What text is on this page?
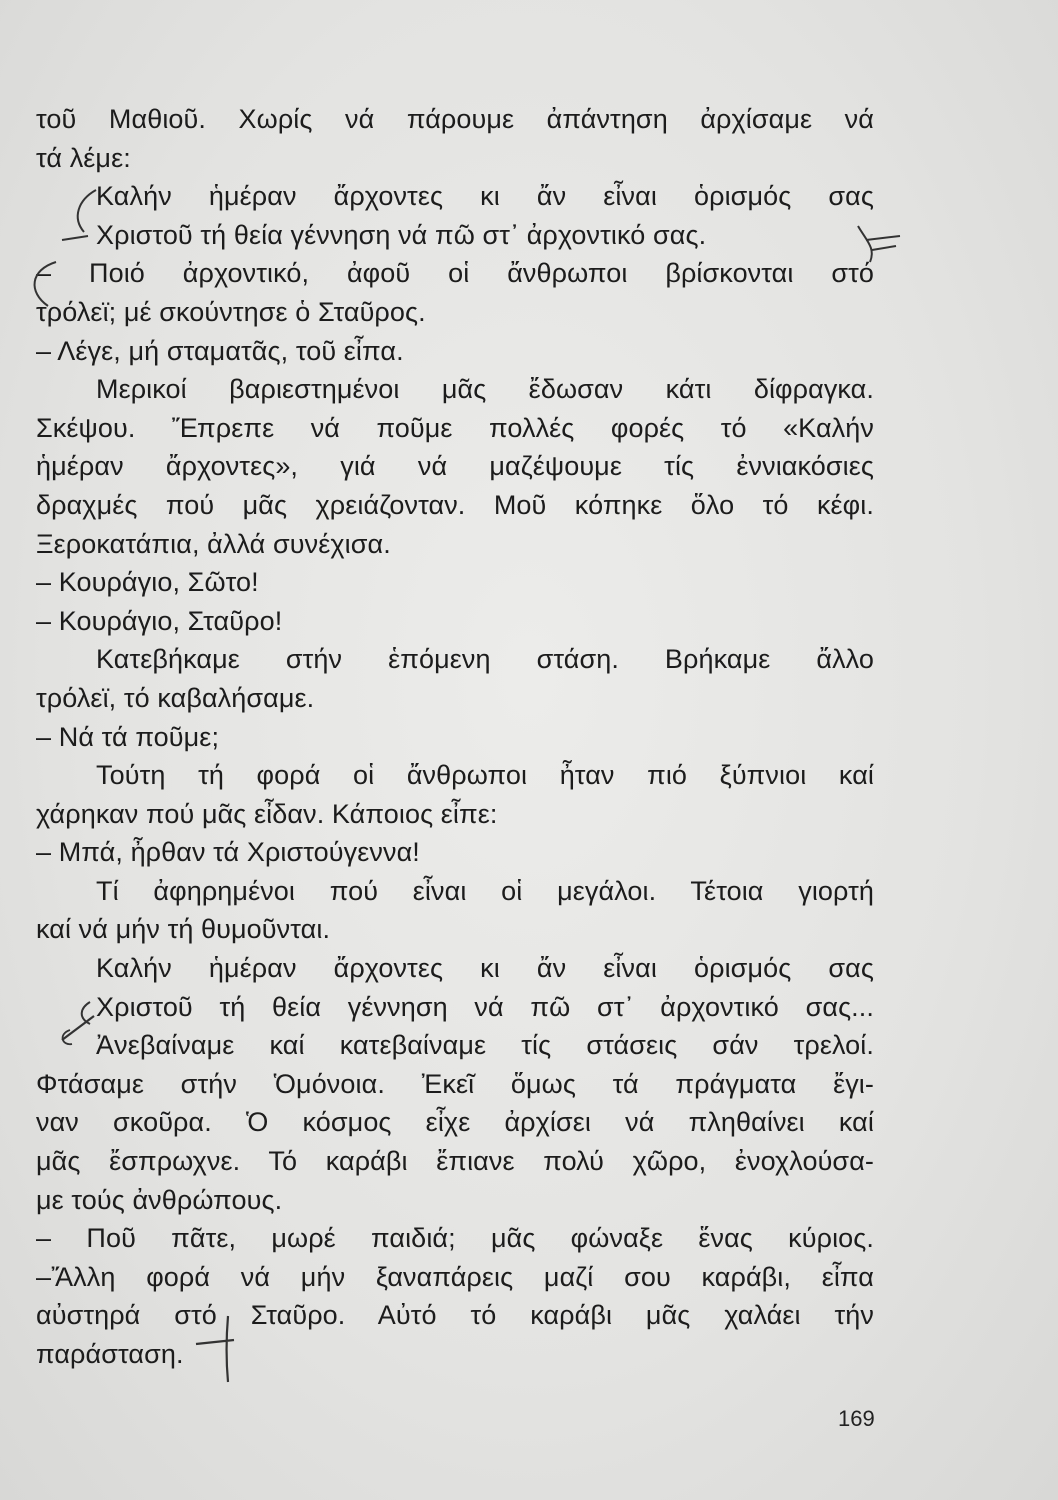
τοῦ Μαθιοῦ. Χωρίς νά πάρουμε ἀπάντηση ἀρχίσαμε νά
τά λέμε:
Καλήν ἡμέραν ἄρχοντες κι ἄν εἶναι ὁρισμός σας
Χριστοῦ τή θεία γέννηση νά πῶ στ᾽ ἀρχοντικό σας.
– Ποιό ἀρχοντικό, ἀφοῦ οἱ ἄνθρωποι βρίσκονται στό
τρόλεϊ; μέ σκούντησε ὁ Σταῦρος.
– Λέγε, μή σταματᾶς, τοῦ εἶπα.
Μερικοί βαριεστημένοι μᾶς ἔδωσαν κάτι δίφραγκα.
Σκέψου. Ἔπρεπε νά ποῦμε πολλές φορές τό «Καλήν
ἡμέραν ἄρχοντες», γιά νά μαζέψουμε τίς ἐννιακόσιες
δραχμές πού μᾶς χρειάζονταν. Μοῦ κόπηκε ὅλο τό κέφι.
Ξεροκατάπια, ἀλλά συνέχισα.
– Κουράγιο, Σῶτο!
– Κουράγιο, Σταῦρο!
Κατεβήκαμε στήν ἑπόμενη στάση. Βρήκαμε ἄλλο
τρόλεϊ, τό καβαλήσαμε.
– Νά τά ποῦμε;
Τούτη τή φορά οἱ ἄνθρωποι ἦταν πιό ξύπνιοι καί
χάρηκαν πού μᾶς εἶδαν. Κάποιος εἶπε:
– Μπά, ἦρθαν τά Χριστούγεννα!
Τί ἀφηρημένοι πού εἶναι οἱ μεγάλοι. Τέτοια γιορτή
καί νά μήν τή θυμοῦνται.
Καλήν ἡμέραν ἄρχοντες κι ἄν εἶναι ὁρισμός σας
Χριστοῦ τή θεία γέννηση νά πῶ στ᾽ ἀρχοντικό σας...
Ἀνεβαίναμε καί κατεβαίναμε τίς στάσεις σάν τρελοί.
Φτάσαμε στήν Ὁμόνοια. Ἐκεῖ ὅμως τά πράγματα ἔγι-
ναν σκοῦρα. Ὁ κόσμος εἶχε ἀρχίσει νά πληθαίνει καί
μᾶς ἔσπρωχνε. Τό καράβι ἔπιανε πολύ χῶρο, ἐνοχλούσα-
με τούς ἀνθρώπους.
– Ποῦ πᾶτε, μωρέ παιδιά; μᾶς φώναξε ἕνας κύριος.
–Ἄλλη φορά νά μήν ξαναπάρεις μαζί σου καράβι, εἶπα
αὐστηρά στό Σταῦρο. Αὐτό τό καράβι μᾶς χαλάει τήν
παράσταση.
169
